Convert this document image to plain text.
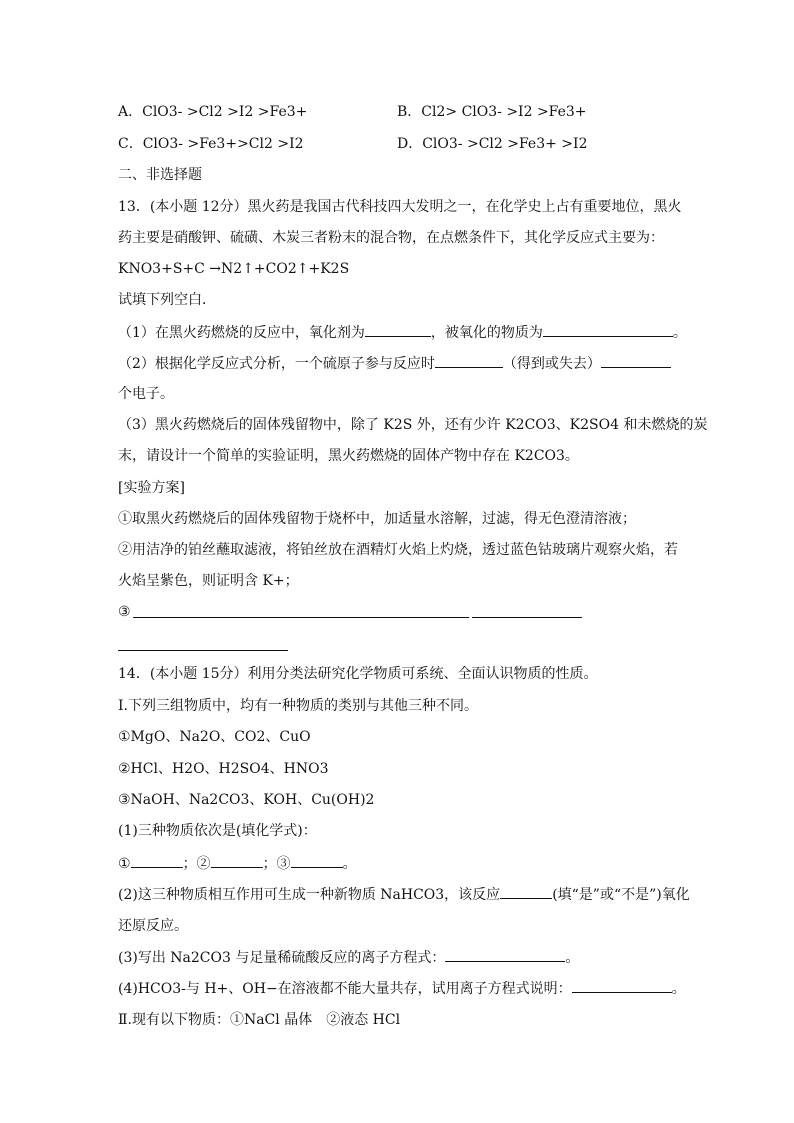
A．ClO3- >Cl2 >I2 >Fe3+	B．Cl2> ClO3- >I2 >Fe3+
C．ClO3- >Fe3+>Cl2 >I2	D．ClO3- >Cl2 >Fe3+ >I2
二、非选择题
13．(本小题 12分）黑火药是我国古代科技四大发明之一，在化学史上占有重要地位，黑火
药主要是硝酸钾、硫磺、木炭三者粉末的混合物，在点燃条件下，其化学反应式主要为：
KNO3+S+C →N2↑+CO2↑+K2S
试填下列空白．
（1）在黑火药燃烧的反应中，氧化剂为	，被氧化的物质为	。
（2）根据化学反应式分析，一个硫原子参与反应时	（得到或失去）
个电子。
（3）黑火药燃烧后的固体残留物中，除了 K2S 外，还有少许 K2CO3、K2SO4 和未燃烧的炭
末，请设计一个简单的实验证明，黑火药燃烧的固体产物中存在 K2CO3。
[实验方案]
①取黑火药燃烧后的固体残留物于烧杯中，加适量水溶解，过滤，得无色澄清溶液；
②用洁净的铂丝蘸取滤液，将铂丝放在酒精灯火焰上灼烧，透过蓝色钴玻璃片观察火焰，若
火焰呈紫色，则证明含 K+；
③
14．(本小题 15分）利用分类法研究化学物质可系统、全面认识物质的性质。
Ⅰ.下列三组物质中，均有一种物质的类别与其他三种不同。
①MgO、Na2O、CO2、CuO
②HCl、H2O、H2SO4、HNO3
③NaOH、Na2CO3、KOH、Cu(OH)2
(1)三种物质依次是(填化学式)：
①	；②	；③	。
(2)这三种物质相互作用可生成一种新物质 NaHCO3，该反应	(填“是”或“不是”)氧化
还原反应。
(3)写出 Na2CO3 与足量稀硫酸反应的离子方程式：	。
(4)HCO3-与 H+、OH−在溶液都不能大量共存，试用离子方程式说明：	。
Ⅱ.现有以下物质：①NaCl 晶体　②液态 HCl
